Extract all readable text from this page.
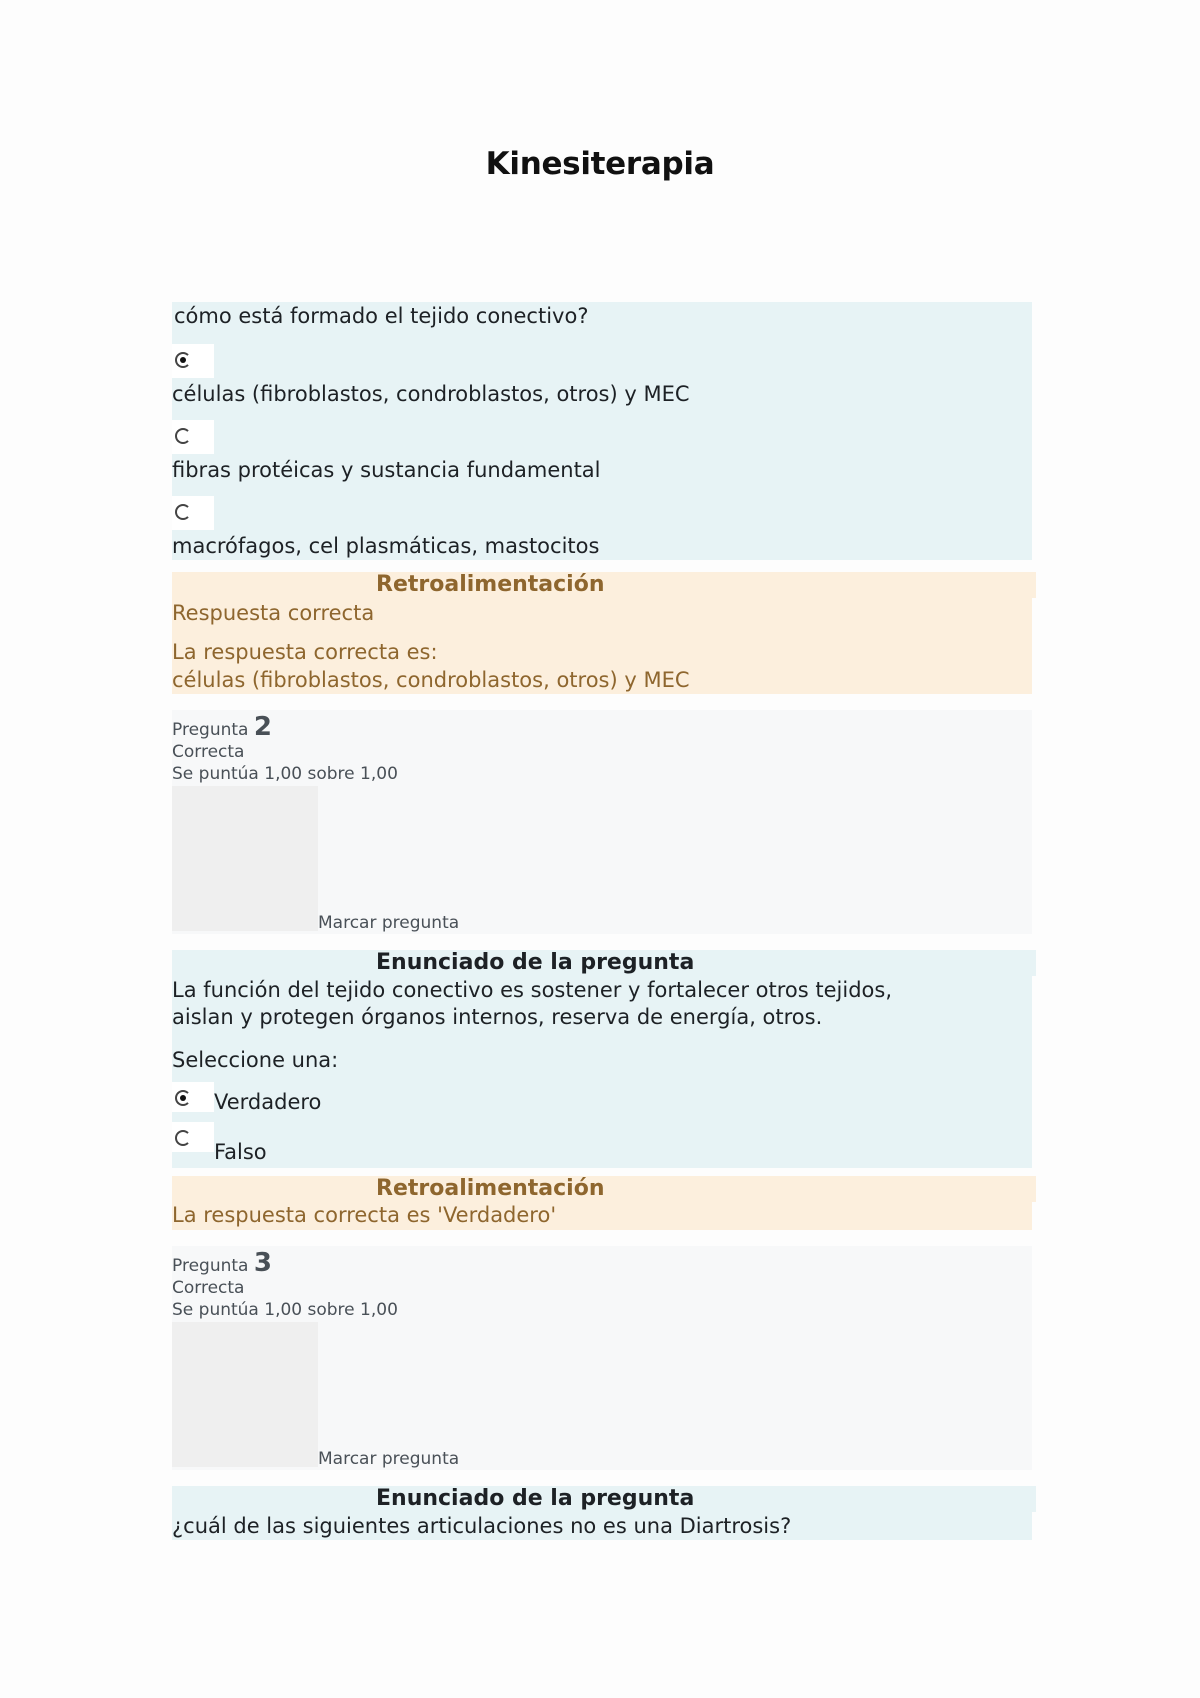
Kinesiterapia
cómo está formado el tejido conectivo?
células (fibroblastos, condroblastos, otros) y MEC
fibras protéicas y sustancia fundamental
macrófagos, cel plasmáticas, mastocitos
Retroalimentación
Respuesta correcta
La respuesta correcta es:
células (fibroblastos, condroblastos, otros) y MEC
Pregunta 2
Correcta
Se puntúa 1,00 sobre 1,00
Marcar pregunta
Enunciado de la pregunta
La función del tejido conectivo es sostener y fortalecer otros tejidos,
aislan y protegen órganos internos, reserva de energía, otros.
Seleccione una:
Verdadero
Falso
Retroalimentación
La respuesta correcta es 'Verdadero'
Pregunta 3
Correcta
Se puntúa 1,00 sobre 1,00
Marcar pregunta
Enunciado de la pregunta
¿cuál de las siguientes articulaciones no es una Diartrosis?
